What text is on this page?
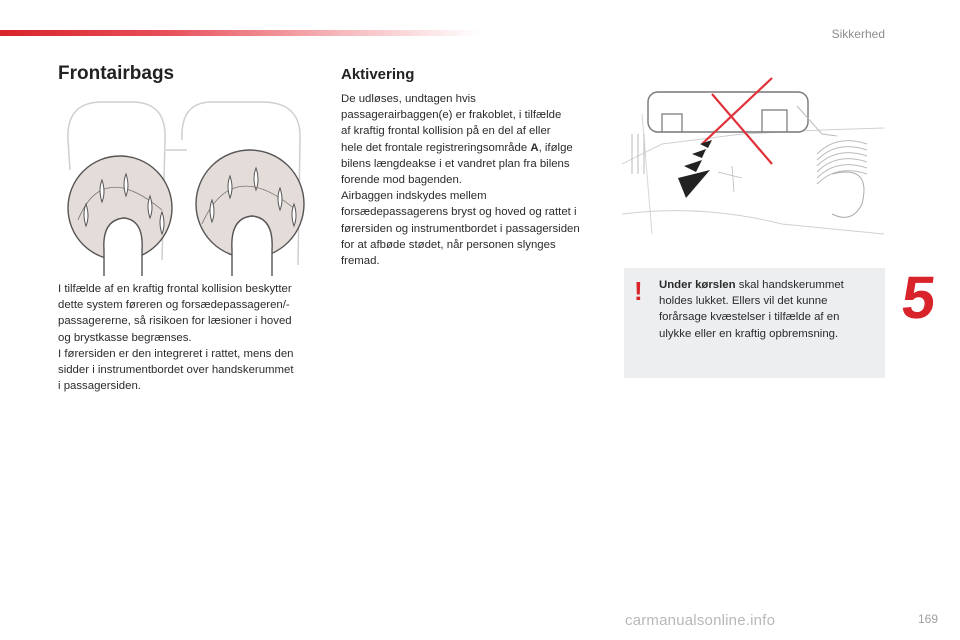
Sikkerhed
5
Frontairbags
I tilfælde af en kraftig frontal kollision beskytter
dette system føreren og forsædepassageren/-
passagererne, så risikoen for læsioner i hoved
og brystkasse begrænses.
I førersiden er den integreret i rattet, mens den
sidder i instrumentbordet over handskerummet
i passagersiden.
Aktivering
De udløses, undtagen hvis
passagerairbaggen(e) er frakoblet, i tilfælde
af kraftig frontal kollision på en del af eller
hele det frontale registreringsområde A, ifølge
bilens længdeakse i et vandret plan fra bilens
forende mod bagenden.
Airbaggen indskydes mellem
forsædepassagerens bryst og hoved og rattet i
førersiden og instrumentbordet i passagersiden
for at afbøde stødet, når personen slynges
fremad.
! Under kørslen skal handskerummet holdes lukket. Ellers vil det kunne forårsage kvæstelser i tilfælde af en ulykke eller en kraftig opbremsning.
carmanualsonline.info	169
